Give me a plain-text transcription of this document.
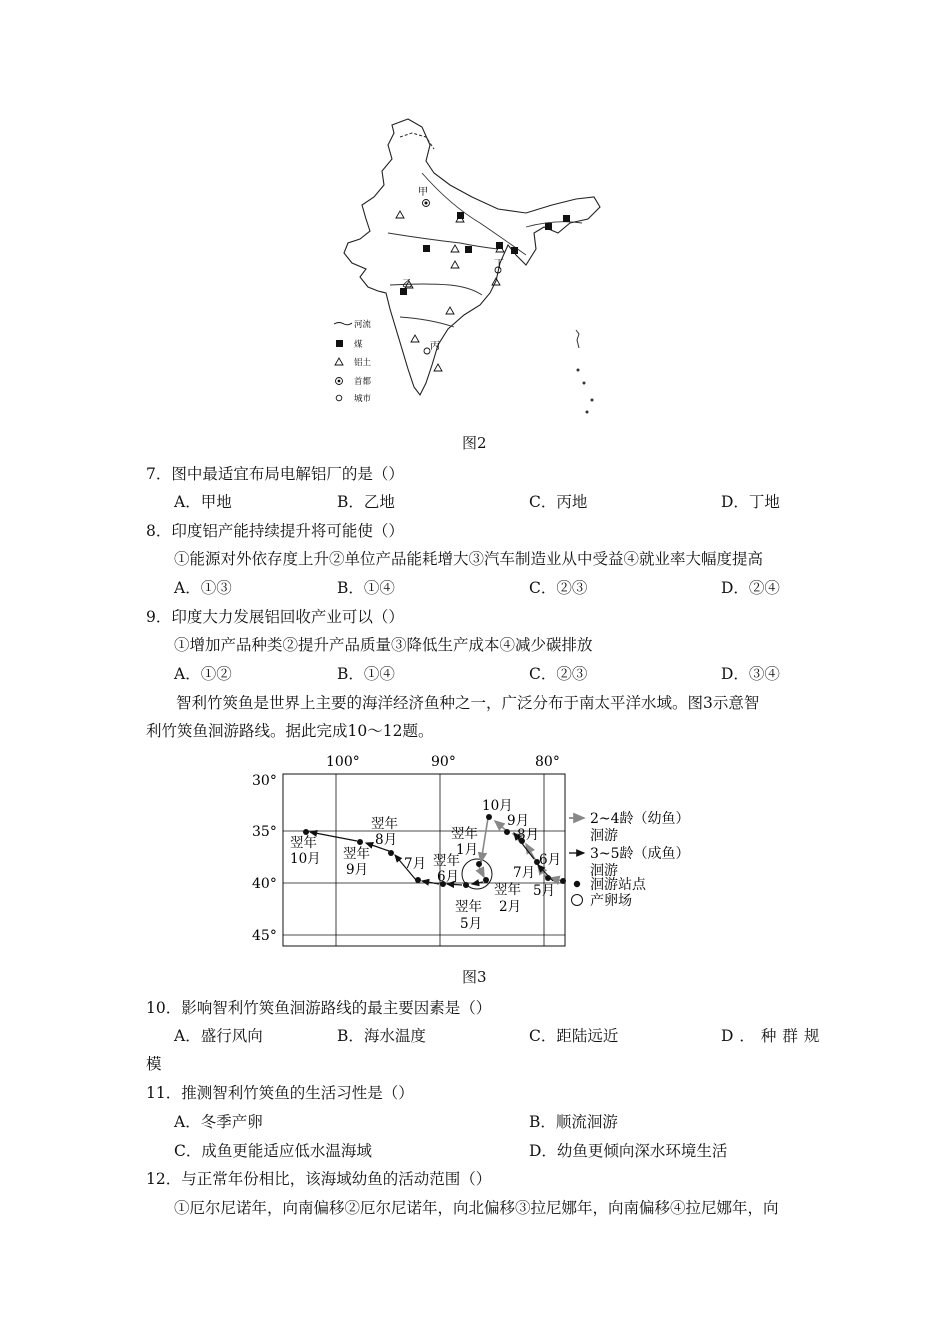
甲
乙
丙
丁
河流
煤
铝土
首都
城市
图2
7．图中最适宜布局电解铝厂的是（）
A．甲地	B．乙地	C．丙地	D．丁地
8．印度铝产能持续提升将可能使（）
①能源对外依存度上升②单位产品能耗增大③汽车制造业从中受益④就业率大幅度提高
A．①③	B．①④	C．②③	D．②④
9．印度大力发展铝回收产业可以（）
①增加产品种类②提升产品质量③降低生产成本④减少碳排放
A．①②	B．①④	C．②③	D．③④
智利竹筴鱼是世界上主要的海洋经济鱼种之一，广泛分布于南太平洋水域。图3示意智
利竹筴鱼洄游路线。据此完成10～12题。
100°	90°	80°
30°
35°
40°
45°
5月
6月
7月
8月
9月
10月
翌年
1月
翌年
2月
翌年
5月
翌年
6月
7月
翌年
8月
翌年
9月
翌年
10月
2~4龄（幼鱼）
洄游
3~5龄（成鱼）
洄游
洄游站点
产卵场
图3
10．影响智利竹筴鱼洄游路线的最主要因素是（）
A．盛行风向	B．海水温度	C．距陆远近	D．种群规
模
11．推测智利竹筴鱼的生活习性是（）
A．冬季产卵	B．顺流洄游
C．成鱼更能适应低水温海域	D．幼鱼更倾向深水环境生活
12．与正常年份相比，该海域幼鱼的活动范围（）
①厄尔尼诺年，向南偏移②厄尔尼诺年，向北偏移③拉尼娜年，向南偏移④拉尼娜年，向
